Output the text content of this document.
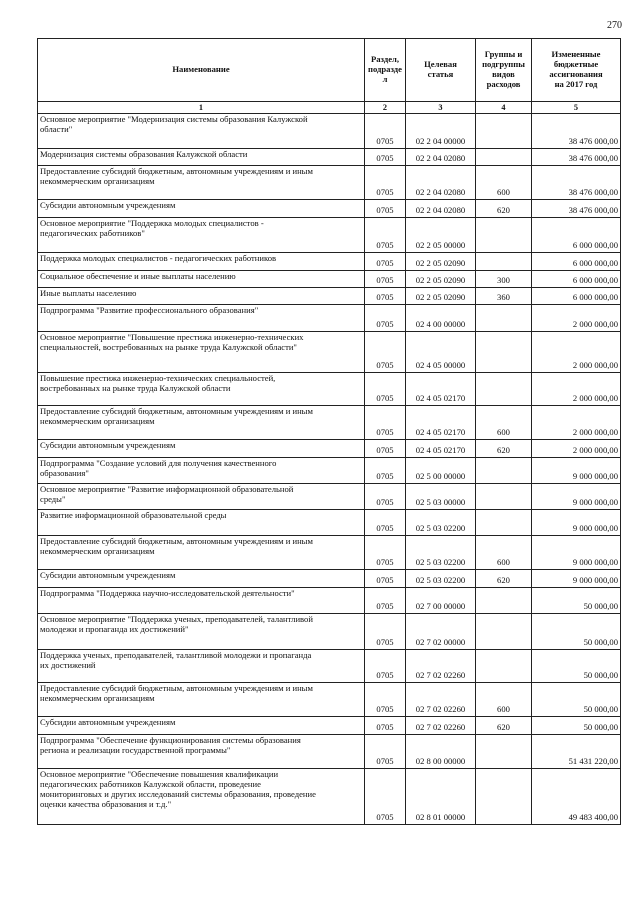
270
Наименование	Раздел,
подразде
л	Целевая
статья	Группы и
подгруппы
видов
расходов	Измененные
бюджетные
ассигнования
на 2017 год
1	2	3	4	5
Основное мероприятие "Модернизация системы образования Калужской
области"	0705	02 2 04 00000		38 476 000,00
Модернизация системы образования Калужской области	0705	02 2 04 02080		38 476 000,00
Предоставление субсидий бюджетным, автономным учреждениям и иным
некоммерческим организациям	0705	02 2 04 02080	600	38 476 000,00
Субсидии автономным учреждениям	0705	02 2 04 02080	620	38 476 000,00
Основное мероприятие "Поддержка молодых специалистов -
педагогических работников"	0705	02 2 05 00000		6 000 000,00
Поддержка молодых специалистов - педагогических работников	0705	02 2 05 02090		6 000 000,00
Социальное обеспечение и иные выплаты населению	0705	02 2 05 02090	300	6 000 000,00
Иные выплаты населению	0705	02 2 05 02090	360	6 000 000,00
Подпрограмма "Развитие профессионального образования"	0705	02 4 00 00000		2 000 000,00
Основное мероприятие "Повышение престижа инженерно-технических
специальностей, востребованных на рынке труда Калужской области"	0705	02 4 05 00000		2 000 000,00
Повышение престижа инженерно-технических специальностей,
востребованных на рынке труда Калужской области	0705	02 4 05 02170		2 000 000,00
Предоставление субсидий бюджетным, автономным учреждениям и иным
некоммерческим организациям	0705	02 4 05 02170	600	2 000 000,00
Субсидии автономным учреждениям	0705	02 4 05 02170	620	2 000 000,00
Подпрограмма "Создание условий для получения качественного
образования"	0705	02 5 00 00000		9 000 000,00
Основное мероприятие "Развитие информационной образовательной
среды"	0705	02 5 03 00000		9 000 000,00
Развитие информационной образовательной среды	0705	02 5 03 02200		9 000 000,00
Предоставление субсидий бюджетным, автономным учреждениям и иным
некоммерческим организациям	0705	02 5 03 02200	600	9 000 000,00
Субсидии автономным учреждениям	0705	02 5 03 02200	620	9 000 000,00
Подпрограмма "Поддержка научно-исследовательской деятельности"	0705	02 7 00 00000		50 000,00
Основное мероприятие "Поддержка ученых, преподавателей, талантливой
молодежи и пропаганда их достижений"	0705	02 7 02 00000		50 000,00
Поддержка ученых, преподавателей, талантливой молодежи и пропаганда
их достижений	0705	02 7 02 02260		50 000,00
Предоставление субсидий бюджетным, автономным учреждениям и иным
некоммерческим организациям	0705	02 7 02 02260	600	50 000,00
Субсидии автономным учреждениям	0705	02 7 02 02260	620	50 000,00
Подпрограмма "Обеспечение функционирования системы образования
региона и реализации государственной программы"	0705	02 8 00 00000		51 431 220,00
Основное мероприятие "Обеспечение повышения квалификации
педагогических работников Калужской области, проведение
мониторинговых и других исследований системы образования, проведение
оценки качества образования и т.д."	0705	02 8 01 00000		49 483 400,00
